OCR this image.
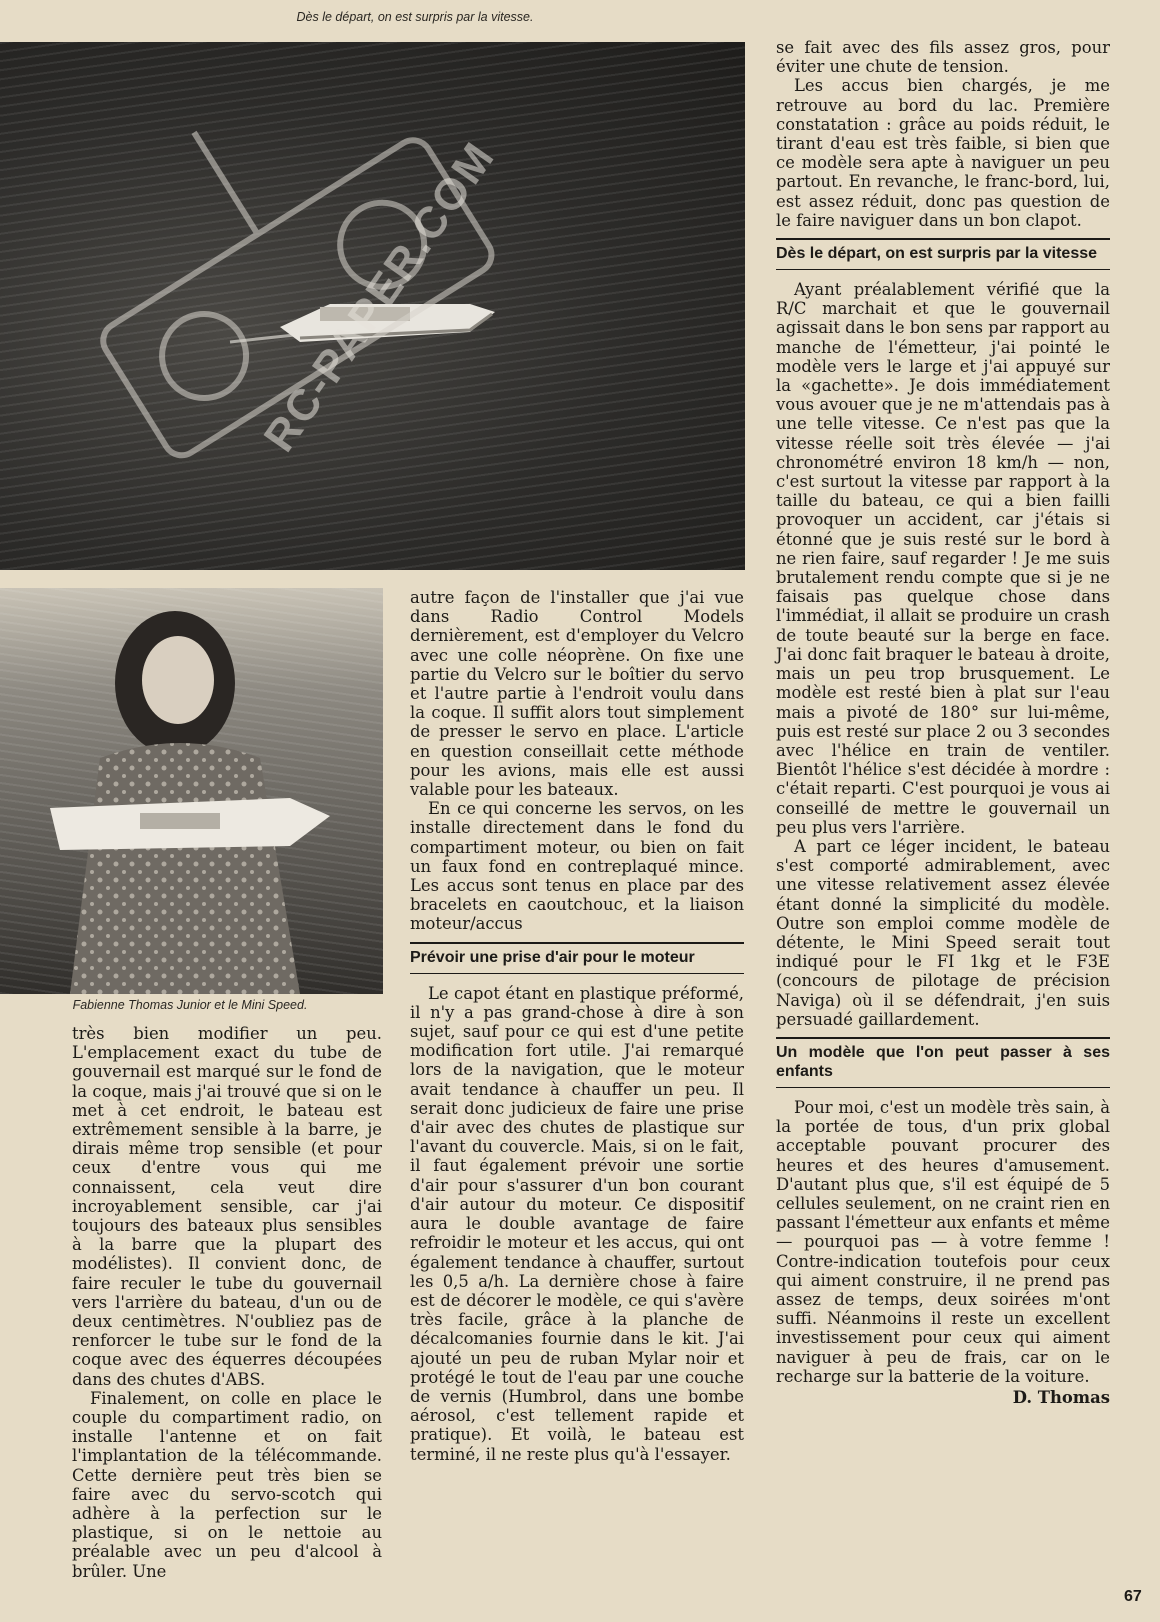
Dès le départ, on est surpris par la vitesse.
RC-PAPER.COM
Fabienne Thomas Junior et le Mini Speed.

très bien modifier un peu. L'emplacement exact du tube de gouvernail est marqué sur le fond de la coque, mais j'ai trouvé que si on le met à cet endroit, le bateau est extrêmement sensible à la barre, je dirais même trop sensible (et pour ceux d'entre vous qui me connaissent, cela veut dire incroyablement sensible, car j'ai toujours des bateaux plus sensibles à la barre que la plupart des modélistes). Il convient donc, de faire reculer le tube du gouvernail vers l'arrière du bateau, d'un ou de deux centimètres. N'oubliez pas de renforcer le tube sur le fond de la coque avec des équerres découpées dans des chutes d'ABS.

Finalement, on colle en place le couple du compartiment radio, on installe l'antenne et on fait l'implantation de la télécommande. Cette dernière peut très bien se faire avec du servo-scotch qui adhère à la perfection sur le plastique, si on le nettoie au préalable avec un peu d'alcool à brûler. Une

autre façon de l'installer que j'ai vue dans Radio Control Models dernièrement, est d'employer du Velcro avec une colle néoprène. On fixe une partie du Velcro sur le boîtier du servo et l'autre partie à l'endroit voulu dans la coque. Il suffit alors tout simplement de presser le servo en place. L'article en question conseillait cette méthode pour les avions, mais elle est aussi valable pour les bateaux.

En ce qui concerne les servos, on les installe directement dans le fond du compartiment moteur, ou bien on fait un faux fond en contreplaqué mince. Les accus sont tenus en place par des bracelets en caoutchouc, et la liaison moteur/accus

Prévoir une prise d'air pour le moteur

Le capot étant en plastique préformé, il n'y a pas grand-chose à dire à son sujet, sauf pour ce qui est d'une petite modification fort utile. J'ai remarqué lors de la navigation, que le moteur avait tendance à chauffer un peu. Il serait donc judicieux de faire une prise d'air avec des chutes de plastique sur l'avant du couvercle. Mais, si on le fait, il faut également prévoir une sortie d'air pour s'assurer d'un bon courant d'air autour du moteur. Ce dispositif aura le double avantage de faire refroidir le moteur et les accus, qui ont également tendance à chauffer, surtout les 0,5 a/h. La dernière chose à faire est de décorer le modèle, ce qui s'avère très facile, grâce à la planche de décalcomanies fournie dans le kit. J'ai ajouté un peu de ruban Mylar noir et protégé le tout de l'eau par une couche de vernis (Humbrol, dans une bombe aérosol, c'est tellement rapide et pratique). Et voilà, le bateau est terminé, il ne reste plus qu'à l'essayer.

se fait avec des fils assez gros, pour éviter une chute de tension.

Les accus bien chargés, je me retrouve au bord du lac. Première constatation : grâce au poids réduit, le tirant d'eau est très faible, si bien que ce modèle sera apte à naviguer un peu partout. En revanche, le franc-bord, lui, est assez réduit, donc pas question de le faire naviguer dans un bon clapot.

Dès le départ, on est surpris par la vitesse

Ayant préalablement vérifié que la R/C marchait et que le gouvernail agissait dans le bon sens par rapport au manche de l'émetteur, j'ai pointé le modèle vers le large et j'ai appuyé sur la «gachette». Je dois immédiatement vous avouer que je ne m'attendais pas à une telle vitesse. Ce n'est pas que la vitesse réelle soit très élevée — j'ai chronométré environ 18 km/h — non, c'est surtout la vitesse par rapport à la taille du bateau, ce qui a bien failli provoquer un accident, car j'étais si étonné que je suis resté sur le bord à ne rien faire, sauf regarder ! Je me suis brutalement rendu compte que si je ne faisais pas quelque chose dans l'immédiat, il allait se produire un crash de toute beauté sur la berge en face. J'ai donc fait braquer le bateau à droite, mais un peu trop brusquement. Le modèle est resté bien à plat sur l'eau mais a pivoté de 180° sur lui-même, puis est resté sur place 2 ou 3 secondes avec l'hélice en train de ventiler. Bientôt l'hélice s'est décidée à mordre : c'était reparti. C'est pourquoi je vous ai conseillé de mettre le gouvernail un peu plus vers l'arrière.

A part ce léger incident, le bateau s'est comporté admirablement, avec une vitesse relativement assez élevée étant donné la simplicité du modèle. Outre son emploi comme modèle de détente, le Mini Speed serait tout indiqué pour le FI 1kg et le F3E (concours de pilotage de précision Naviga) où il se défendrait, j'en suis persuadé gaillardement.

Un modèle que l'on peut passer à ses enfants

Pour moi, c'est un modèle très sain, à la portée de tous, d'un prix global acceptable pouvant procurer des heures et des heures d'amusement. D'autant plus que, s'il est équipé de 5 cellules seulement, on ne craint rien en passant l'émetteur aux enfants et même — pourquoi pas — à votre femme ! Contre-indication toutefois pour ceux qui aiment construire, il ne prend pas assez de temps, deux soirées m'ont suffi. Néanmoins il reste un excellent investissement pour ceux qui aiment naviguer à peu de frais, car on le recharge sur la batterie de la voiture.

D. Thomas
67
